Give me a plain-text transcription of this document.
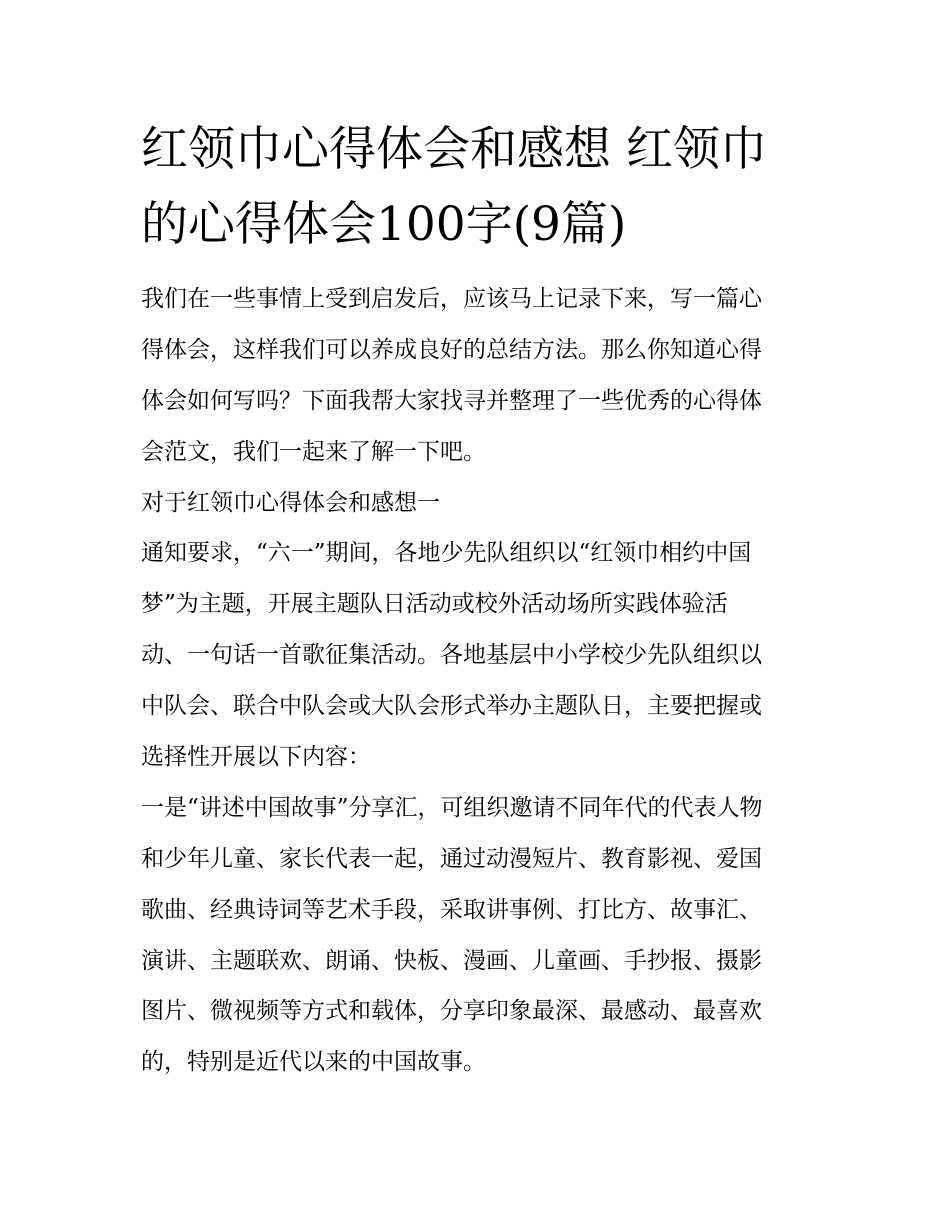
红领巾心得体会和感想 红领巾
的心得体会100字(9篇)
我们在一些事情上受到启发后，应该马上记录下来，写一篇心
得体会，这样我们可以养成良好的总结方法。那么你知道心得
体会如何写吗？下面我帮大家找寻并整理了一些优秀的心得体
会范文，我们一起来了解一下吧。
对于红领巾心得体会和感想一
通知要求，“六一”期间，各地少先队组织以“红领巾相约中国
梦”为主题，开展主题队日活动或校外活动场所实践体验活
动、一句话一首歌征集活动。各地基层中小学校少先队组织以
中队会、联合中队会或大队会形式举办主题队日，主要把握或
选择性开展以下内容：
一是“讲述中国故事”分享汇，可组织邀请不同年代的代表人物
和少年儿童、家长代表一起，通过动漫短片、教育影视、爱国
歌曲、经典诗词等艺术手段，采取讲事例、打比方、故事汇、
演讲、主题联欢、朗诵、快板、漫画、儿童画、手抄报、摄影
图片、微视频等方式和载体，分享印象最深、最感动、最喜欢
的，特别是近代以来的中国故事。
